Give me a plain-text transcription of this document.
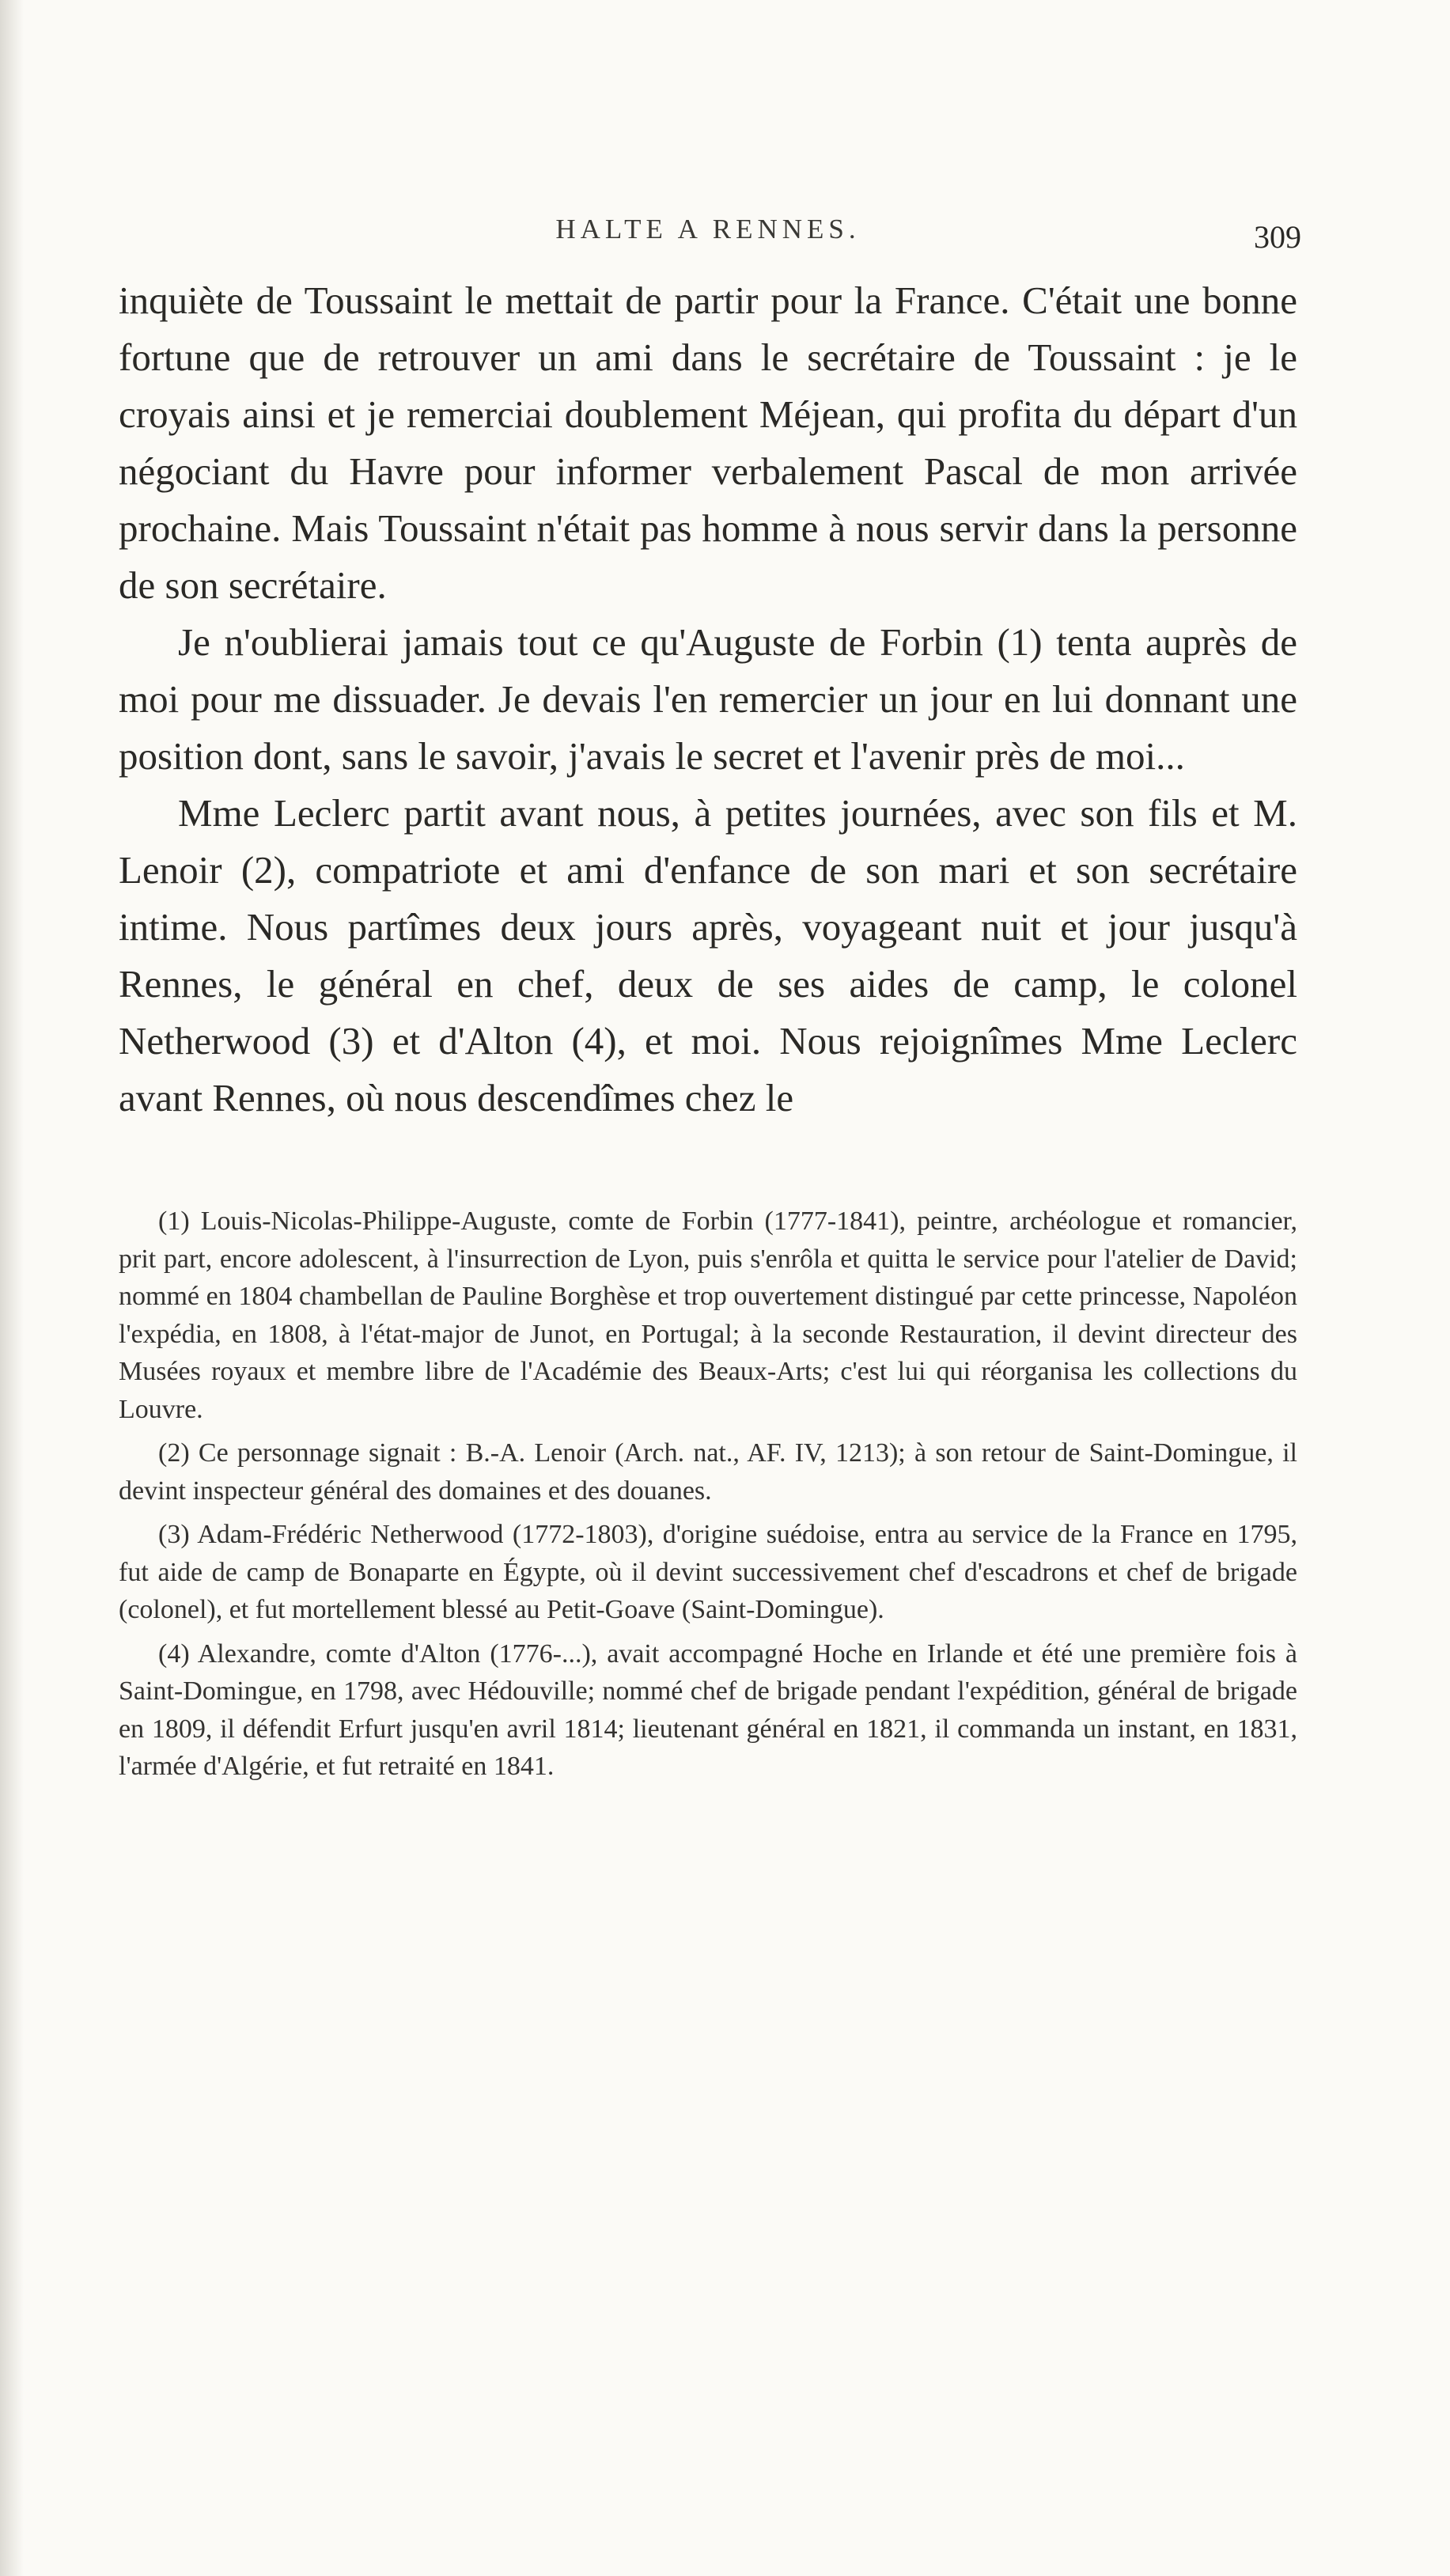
HALTE A RENNES.	309

inquiète de Toussaint le mettait de partir pour la France. C'était une bonne fortune que de retrouver un ami dans le secrétaire de Toussaint : je le croyais ainsi et je remerciai doublement Méjean, qui profita du départ d'un négociant du Havre pour informer verbalement Pascal de mon arrivée prochaine. Mais Toussaint n'était pas homme à nous servir dans la personne de son secrétaire.

Je n'oublierai jamais tout ce qu'Auguste de Forbin (1) tenta auprès de moi pour me dissuader. Je devais l'en remercier un jour en lui donnant une position dont, sans le savoir, j'avais le secret et l'avenir près de moi...

Mme Leclerc partit avant nous, à petites journées, avec son fils et M. Lenoir (2), compatriote et ami d'enfance de son mari et son secrétaire intime. Nous partîmes deux jours après, voyageant nuit et jour jusqu'à Rennes, le général en chef, deux de ses aides de camp, le colonel Netherwood (3) et d'Alton (4), et moi. Nous rejoignîmes Mme Leclerc avant Rennes, où nous descendîmes chez le

(1) Louis-Nicolas-Philippe-Auguste, comte de Forbin (1777-1841), peintre, archéologue et romancier, prit part, encore adolescent, à l'insurrection de Lyon, puis s'enrôla et quitta le service pour l'atelier de David; nommé en 1804 chambellan de Pauline Borghèse et trop ouvertement distingué par cette princesse, Napoléon l'expédia, en 1808, à l'état-major de Junot, en Portugal; à la seconde Restauration, il devint directeur des Musées royaux et membre libre de l'Académie des Beaux-Arts; c'est lui qui réorganisa les collections du Louvre.

(2) Ce personnage signait : B.-A. Lenoir (Arch. nat., AF. IV, 1213); à son retour de Saint-Domingue, il devint inspecteur général des domaines et des douanes.

(3) Adam-Frédéric Netherwood (1772-1803), d'origine suédoise, entra au service de la France en 1795, fut aide de camp de Bonaparte en Égypte, où il devint successivement chef d'escadrons et chef de brigade (colonel), et fut mortellement blessé au Petit-Goave (Saint-Domingue).

(4) Alexandre, comte d'Alton (1776-...), avait accompagné Hoche en Irlande et été une première fois à Saint-Domingue, en 1798, avec Hédouville; nommé chef de brigade pendant l'expédition, général de brigade en 1809, il défendit Erfurt jusqu'en avril 1814; lieutenant général en 1821, il commanda un instant, en 1831, l'armée d'Algérie, et fut retraité en 1841.
